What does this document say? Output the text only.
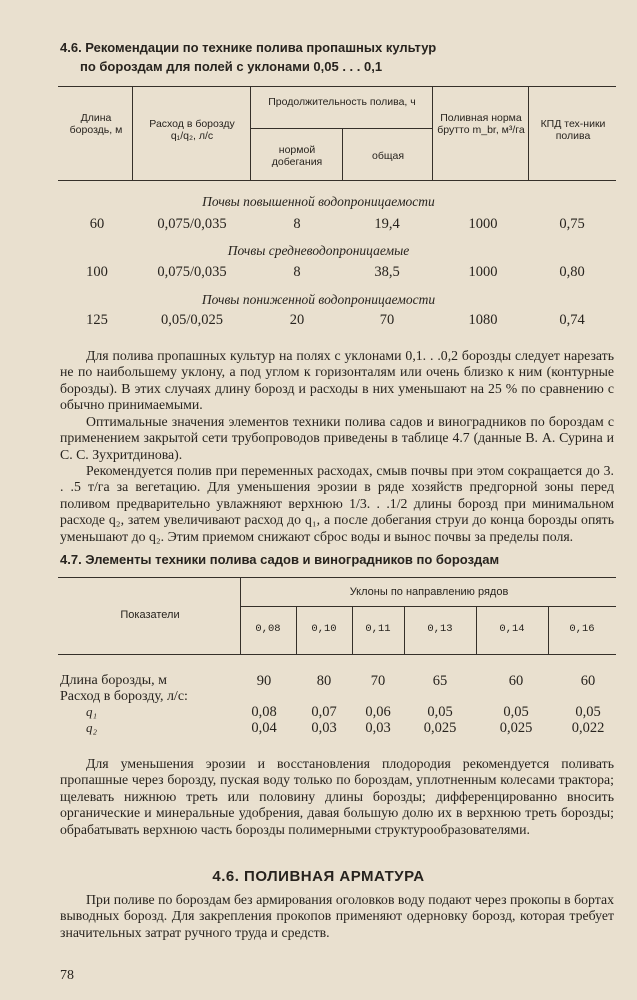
4.6. Рекомендации по технике полива пропашных культур
по бороздам для полей с уклонами 0,05 . . . 0,1
Длина бороздь, м	Расход в борозду q₁/q₂, л/с
Продолжительность полива, ч
нормой добегания	общая
Поливная норма брутто m_br, м³/га	КПД тех-ники полива
Почвы повышенной водопроницаемости
60	0,075/0,035	8	19,4	1000	0,75
Почвы средневодопроницаемые
100	0,075/0,035	8	38,5	1000	0,80
Почвы пониженной водопроницаемости
125	0,05/0,025	20	70	1080	0,74
Для полива пропашных культур на полях с уклонами 0,1. . .0,2 борозды следует нарезать не по наибольшему уклону, а под углом к горизонталям или очень близко к ним (контурные борозды). В этих случаях длину борозд и расходы в них уменьшают на 25 % по сравнению с обычно принимаемыми.
Оптимальные значения элементов техники полива садов и виноградников по бороздам с применением закрытой сети трубопроводов приведены в таблице 4.7 (данные В. А. Сурина и С. С. Зухритдинова).
Рекомендуется полив при переменных расходах, смыв почвы при этом сокращается до 3. . .5 т/га за вегетацию. Для уменьшения эрозии в ряде хозяйств предгорной зоны перед поливом предварительно увлажняют верхнюю 1/3. . .1/2 длины борозд при минимальном расходе q₂, затем увеличивают расход до q₁, а после добегания струи до конца борозды опять уменьшают до q₂. Этим приемом снижают сброс воды и вынос почвы за пределы поля.
4.7. Элементы техники полива садов и виноградников по бороздам
Показатели
Уклоны по направлению рядов
0,08	0,10	0,11	0,13	0,14	0,16
Длина борозды, м	90	80	70	65	60	60
Расход в борозду, л/с:
q₁	0,08	0,07	0,06	0,05	0,05	0,05
q₂	0,04	0,03	0,03	0,025	0,025	0,022
Для уменьшения эрозии и восстановления плодородия рекомендуется поливать пропашные через борозду, пуская воду только по бороздам, уплотненным колесами трактора; щелевать нижнюю треть или половину длины борозды; дифференцированно вносить органические и минеральные удобрения, давая большую долю их в верхнюю треть борозды; обрабатывать верхнюю часть борозды полимерными структурообразователями.
4.6. ПОЛИВНАЯ АРМАТУРА
При поливе по бороздам без армирования оголовков воду подают через прокопы в бортах выводных борозд. Для закрепления прокопов применяют одерновку борозд, которая требует значительных затрат ручного труда и средств.
78
